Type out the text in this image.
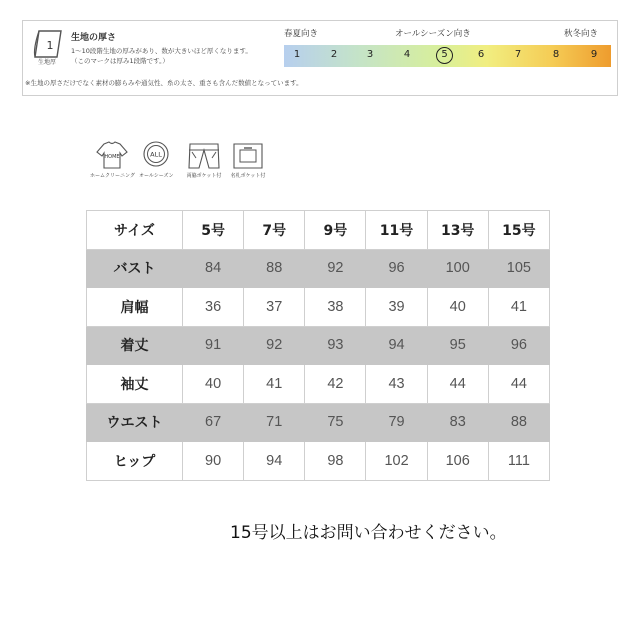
1
生地厚
生地の厚さ
1〜10段階生地の厚みがあり、数が大きいほど厚くなります。
（このマークは厚み1段階です。）
春夏向き	オールシーズン向き	秋冬向き
1	2	3	4	5	6	7	8	9
※生地の厚さだけでなく素材の膨らみや通気性、糸の太さ、重さも含んだ数値となっています。
HOME
ホームクリーニング
ALL
オールシーズン	両脇ポケット付 名札ポケット付
サイズ	5号	7号	9号	11号	13号	15号
バスト	84	88	92	96	100	105
肩幅	36	37	38	39	40	41
着丈	91	92	93	94	95	96
袖丈	40	41	42	43	44	44
ウエスト	67	71	75	79	83	88
ヒップ	90	94	98	102	106	111
15号以上はお問い合わせください。
